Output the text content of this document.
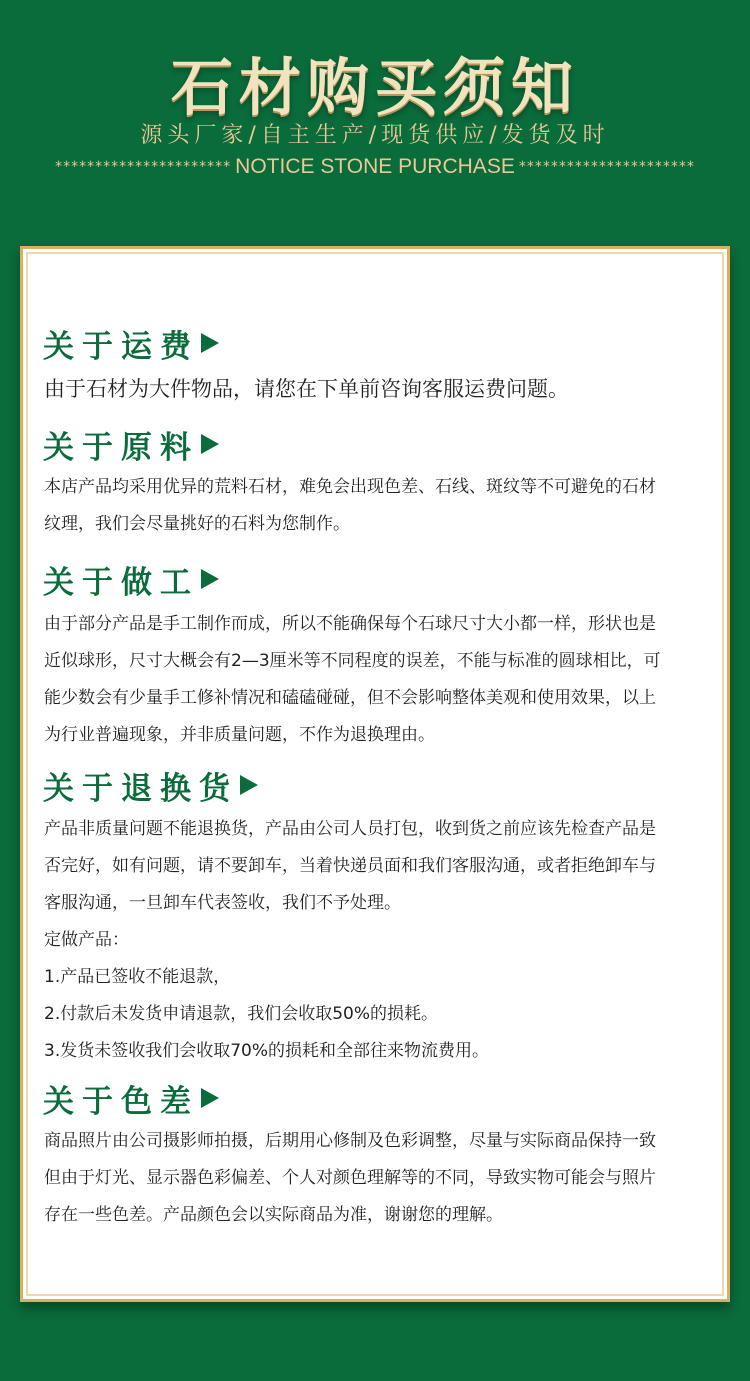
石材购买须知
源头厂家/自主生产/现货供应/发货及时
********************** NOTICE STONE PURCHASE **********************
关于运费

由于石材为大件物品，请您在下单前咨询客服运费问题。

关于原料

本店产品均采用优异的荒料石材，难免会出现色差、石线、斑纹等不可避免的石材
纹理，我们会尽量挑好的石料为您制作。

关于做工

由于部分产品是手工制作而成，所以不能确保每个石球尺寸大小都一样，形状也是
近似球形，尺寸大概会有2—3厘米等不同程度的误差，不能与标准的圆球相比，可
能少数会有少量手工修补情况和磕磕碰碰，但不会影响整体美观和使用效果，以上
为行业普遍现象，并非质量问题，不作为退换理由。

关于退换货

产品非质量问题不能退换货，产品由公司人员打包，收到货之前应该先检查产品是
否完好，如有问题，请不要卸车，当着快递员面和我们客服沟通，或者拒绝卸车与
客服沟通，一旦卸车代表签收，我们不予处理。
定做产品：
1.产品已签收不能退款，
2.付款后未发货申请退款，我们会收取50%的损耗。
3.发货未签收我们会收取70%的损耗和全部往来物流费用。

关于色差

商品照片由公司摄影师拍摄，后期用心修制及色彩调整，尽量与实际商品保持一致
但由于灯光、显示器色彩偏差、个人对颜色理解等的不同，导致实物可能会与照片
存在一些色差。产品颜色会以实际商品为准，谢谢您的理解。
